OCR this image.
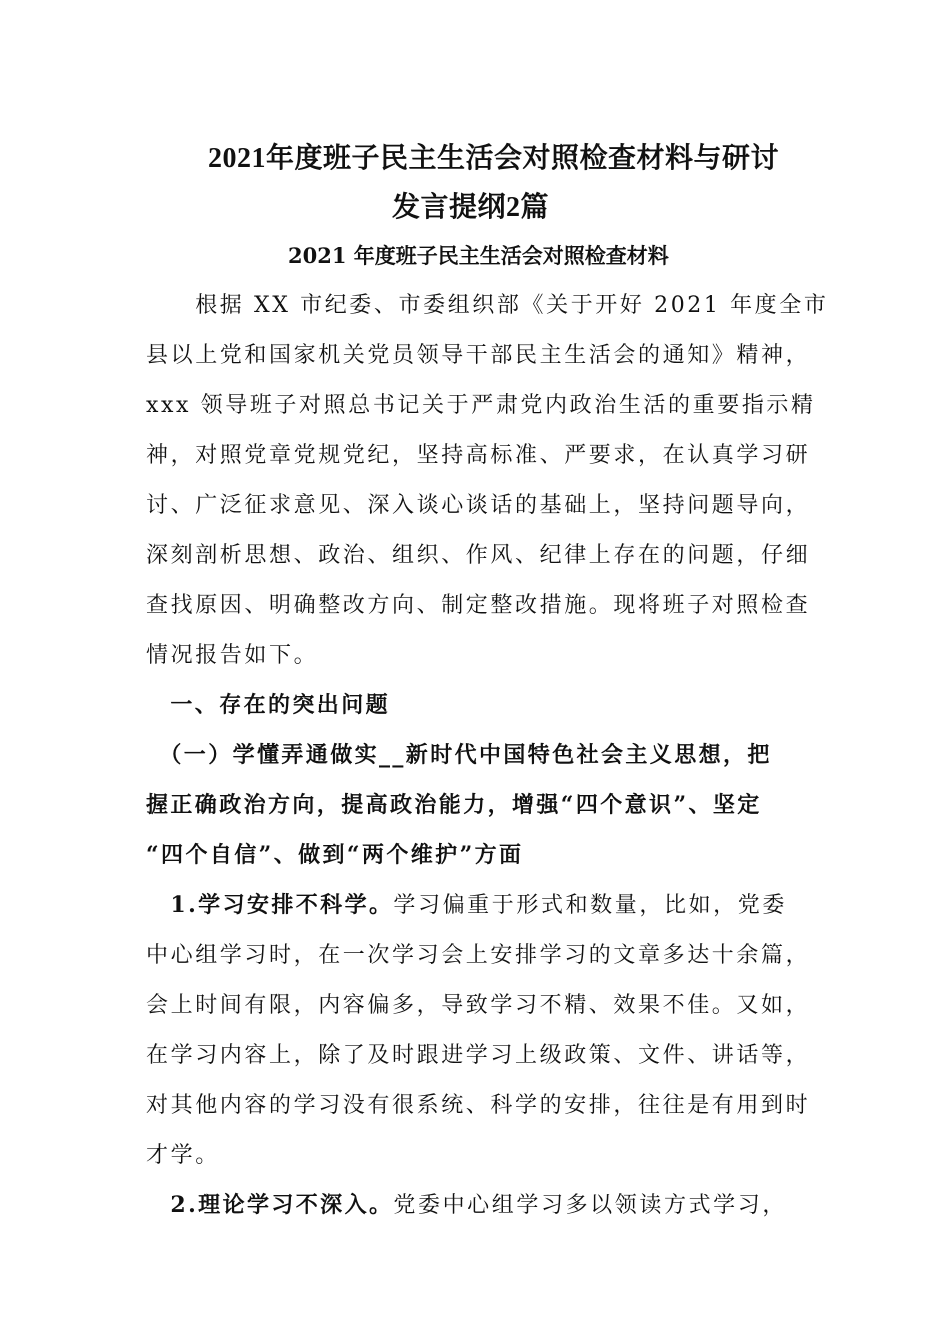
2021年度班子民主生活会对照检查材料与研讨
发言提纲2篇
2021 年度班子民主生活会对照检查材料
　　根据 XX 市纪委、市委组织部《关于开好 2021 年度全市
县以上党和国家机关党员领导干部民主生活会的通知》精神，
xxx 领导班子对照总书记关于严肃党内政治生活的重要指示精
神，对照党章党规党纪，坚持高标准、严要求，在认真学习研
讨、广泛征求意见、深入谈心谈话的基础上，坚持问题导向，
深刻剖析思想、政治、组织、作风、纪律上存在的问题，仔细
查找原因、明确整改方向、制定整改措施。现将班子对照检查
情况报告如下。
　一、存在的突出问题
　（一）学懂弄通做实__新时代中国特色社会主义思想，把
握正确政治方向，提高政治能力，增强“四个意识”、坚定
“四个自信”、做到“两个维护”方面
　1.学习安排不科学。学习偏重于形式和数量，比如，党委
中心组学习时，在一次学习会上安排学习的文章多达十余篇，
会上时间有限，内容偏多，导致学习不精、效果不佳。又如，
在学习内容上，除了及时跟进学习上级政策、文件、讲话等，
对其他内容的学习没有很系统、科学的安排，往往是有用到时
才学。
　2.理论学习不深入。党委中心组学习多以领读方式学习，
